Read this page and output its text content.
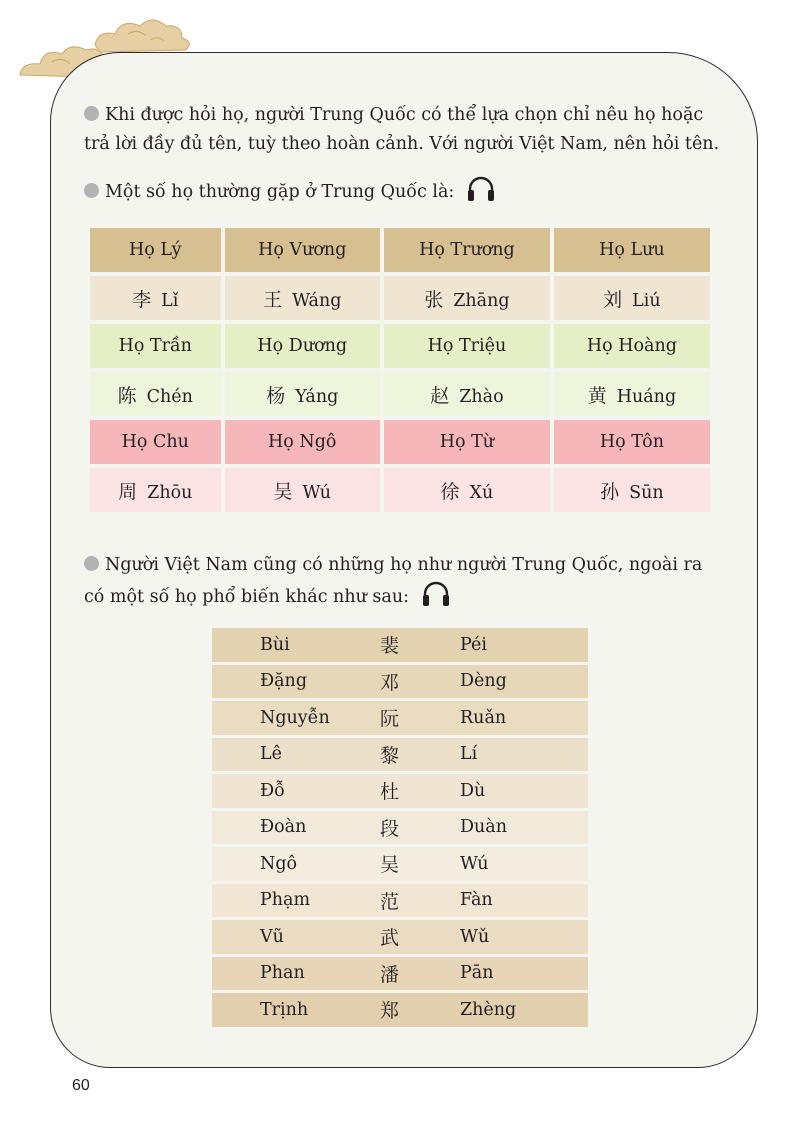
Khi được hỏi họ, người Trung Quốc có thể lựa chọn chỉ nêu họ hoặc trả lời đầy đủ tên, tuỳ theo hoàn cảnh. Với người Việt Nam, nên hỏi tên.
Một số họ thường gặp ở Trung Quốc là:
Họ Lý	Họ Vương	Họ Trương	Họ Lưu
李 Lǐ	王 Wáng	张 Zhāng	刘 Liú
Họ Trần	Họ Dương	Họ Triệu	Họ Hoàng
陈 Chén	杨 Yáng	赵 Zhào	黄 Huáng
Họ Chu	Họ Ngô	Họ Từ	Họ Tôn
周 Zhōu	吴 Wú	徐 Xú	孙 Sūn
Người Việt Nam cũng có những họ như người Trung Quốc, ngoài ra có một số họ phổ biến khác như sau:
Bùi	裴	Péi
Đặng	邓	Dèng
Nguyễn	阮	Ruǎn
Lê	黎	Lí
Đỗ	杜	Dù
Đoàn	段	Duàn
Ngô	吴	Wú
Phạm	范	Fàn
Vũ	武	Wǔ
Phan	潘	Pān
Trịnh	郑	Zhèng
60
